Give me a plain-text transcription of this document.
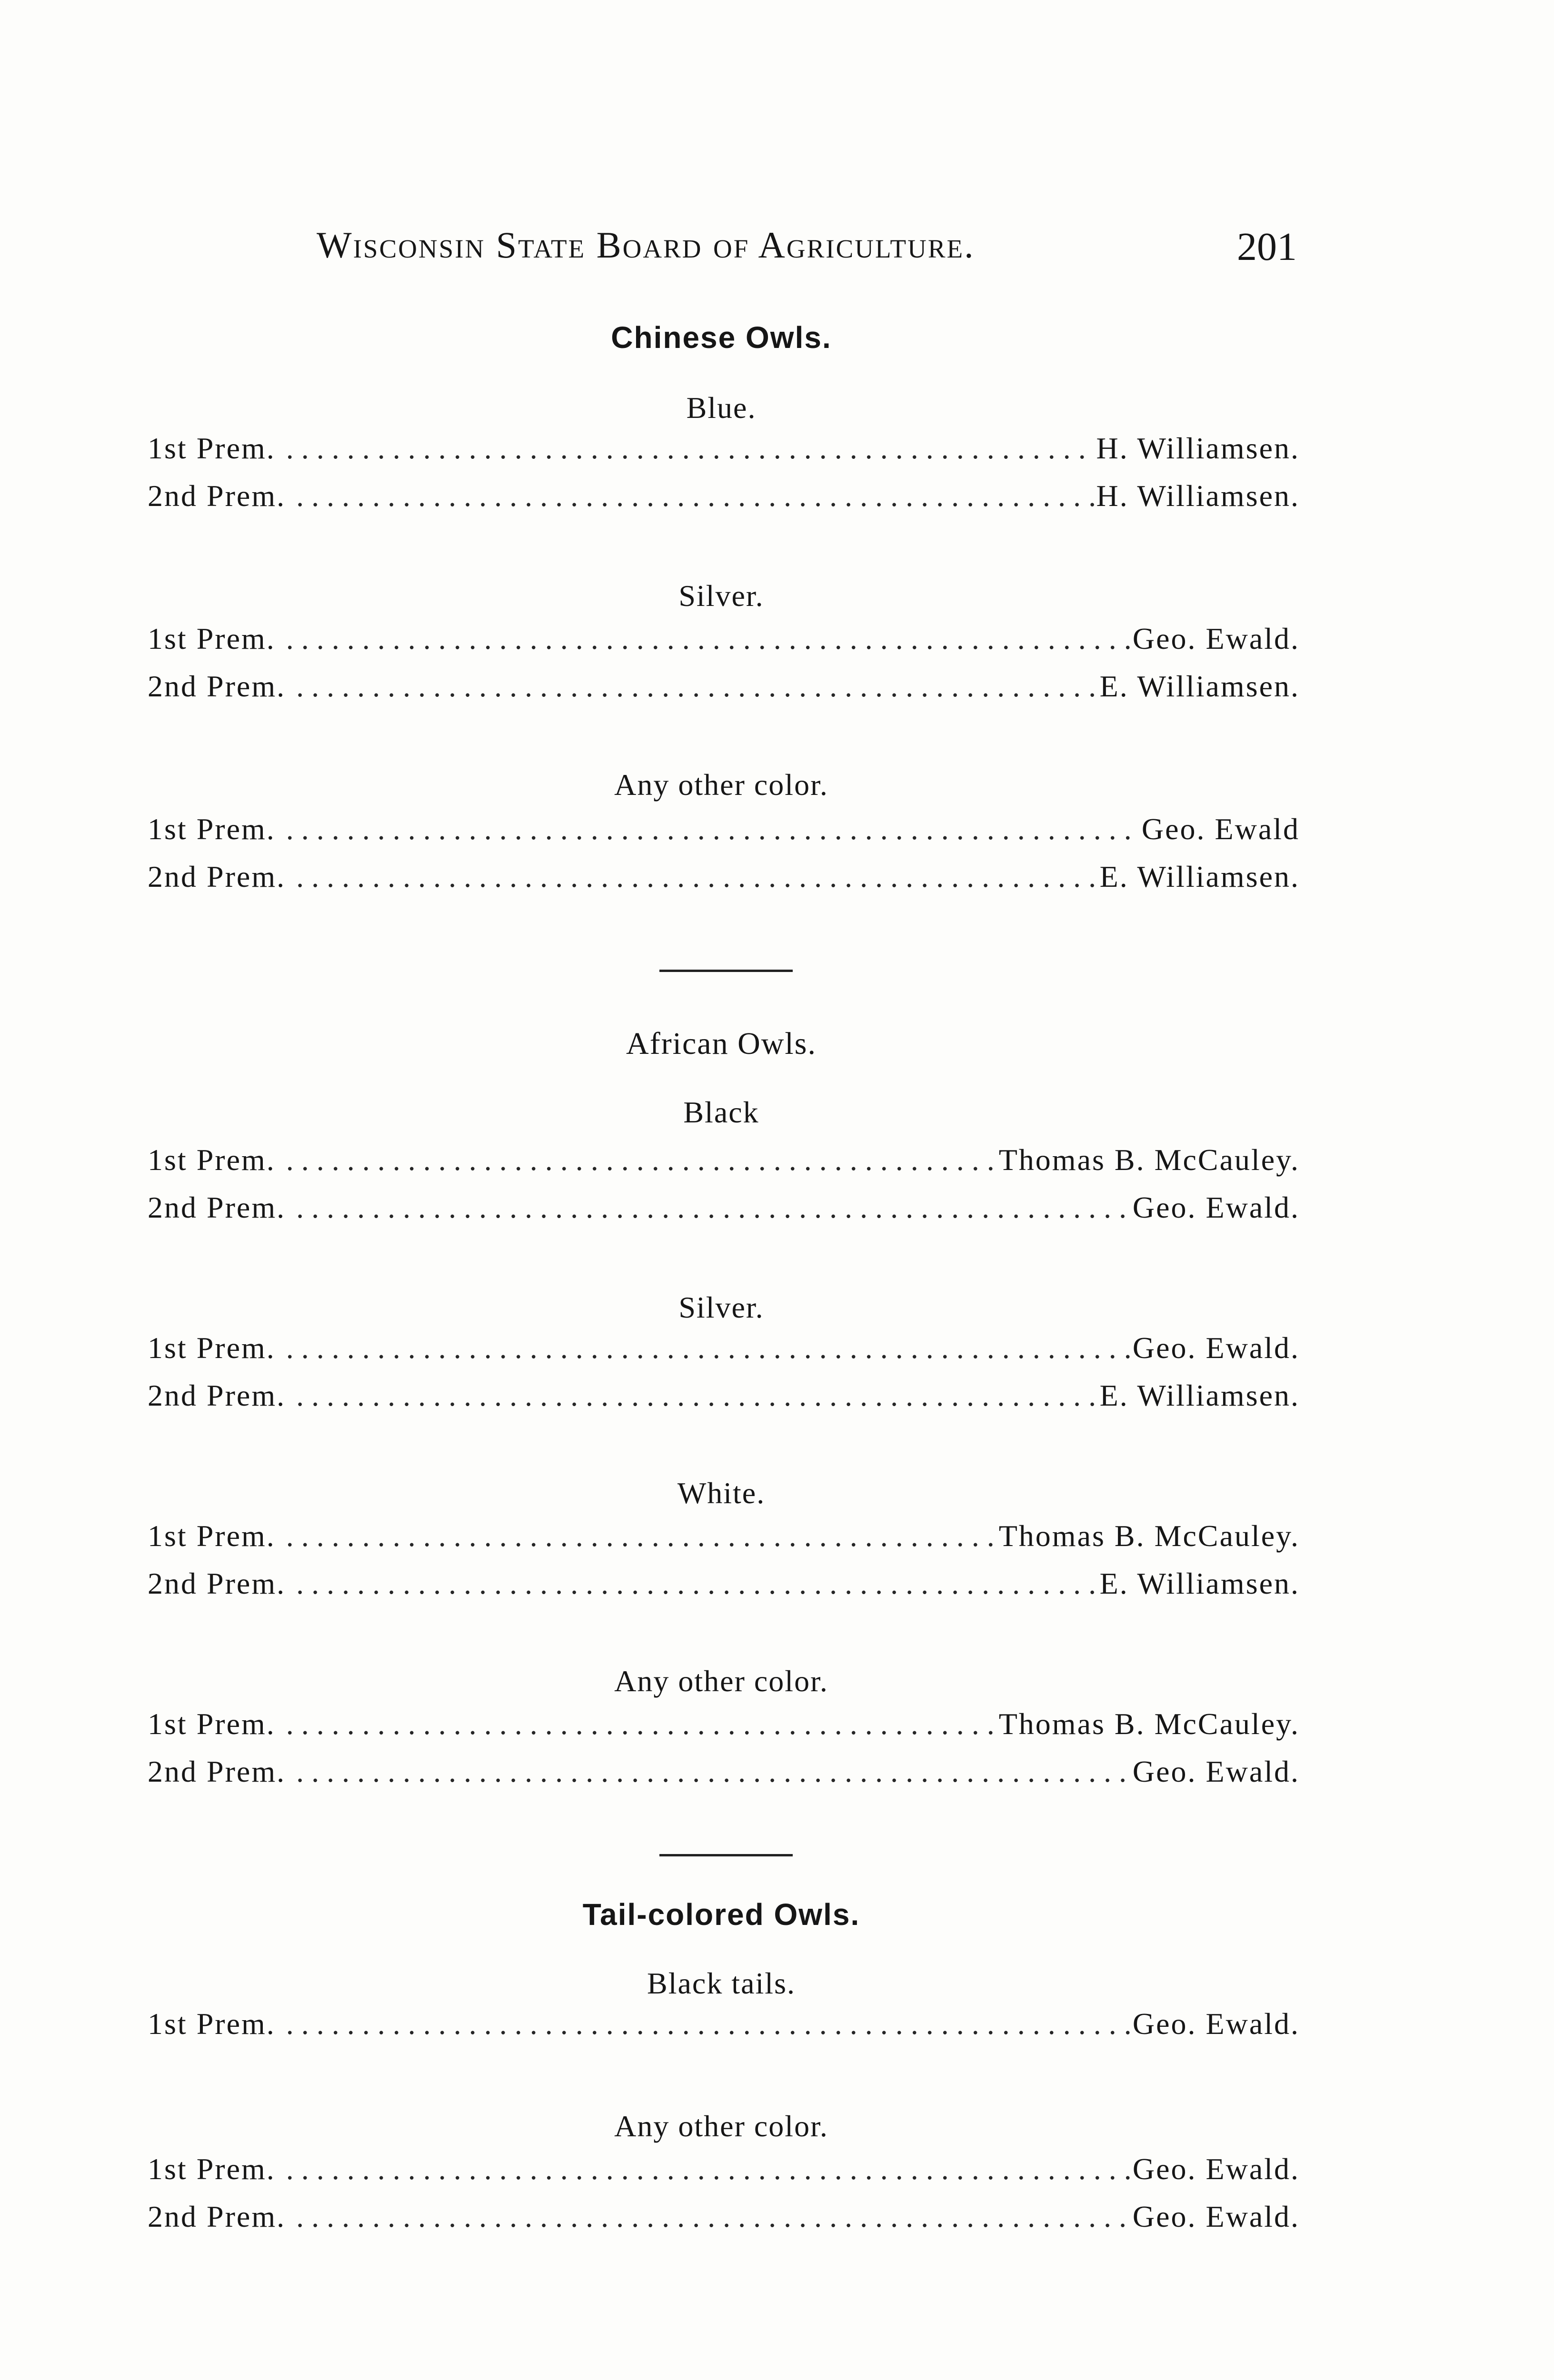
Wisconsin State Board of Agriculture.	201
Chinese Owls.
Blue.
1st Prem. . . .	H. Williamsen.
2nd Prem. . . .	H. Williamsen.
Silver.
1st Prem. . . .	Geo. Ewald.
2nd Prem. . . .	E. Williamsen.
Any other color.
1st Prem. . . .	Geo. Ewald
2nd Prem. . . .	E. Williamsen.
African Owls.
Black
1st Prem. . . .	Thomas B. McCauley.
2nd Prem. . . .	Geo. Ewald.
Silver.
1st Prem. . . .	Geo. Ewald.
2nd Prem. . . .	E. Williamsen.
White.
1st Prem. . . .	Thomas B. McCauley.
2nd Prem. . . .	E. Williamsen.
Any other color.
1st Prem. . . .	Thomas B. McCauley.
2nd Prem. . . .	Geo. Ewald.
Tail-colored Owls.
Black tails.
1st Prem. . . .	Geo. Ewald.
Any other color.
1st Prem. . . .	Geo. Ewald.
2nd Prem. . . .	Geo. Ewald.
